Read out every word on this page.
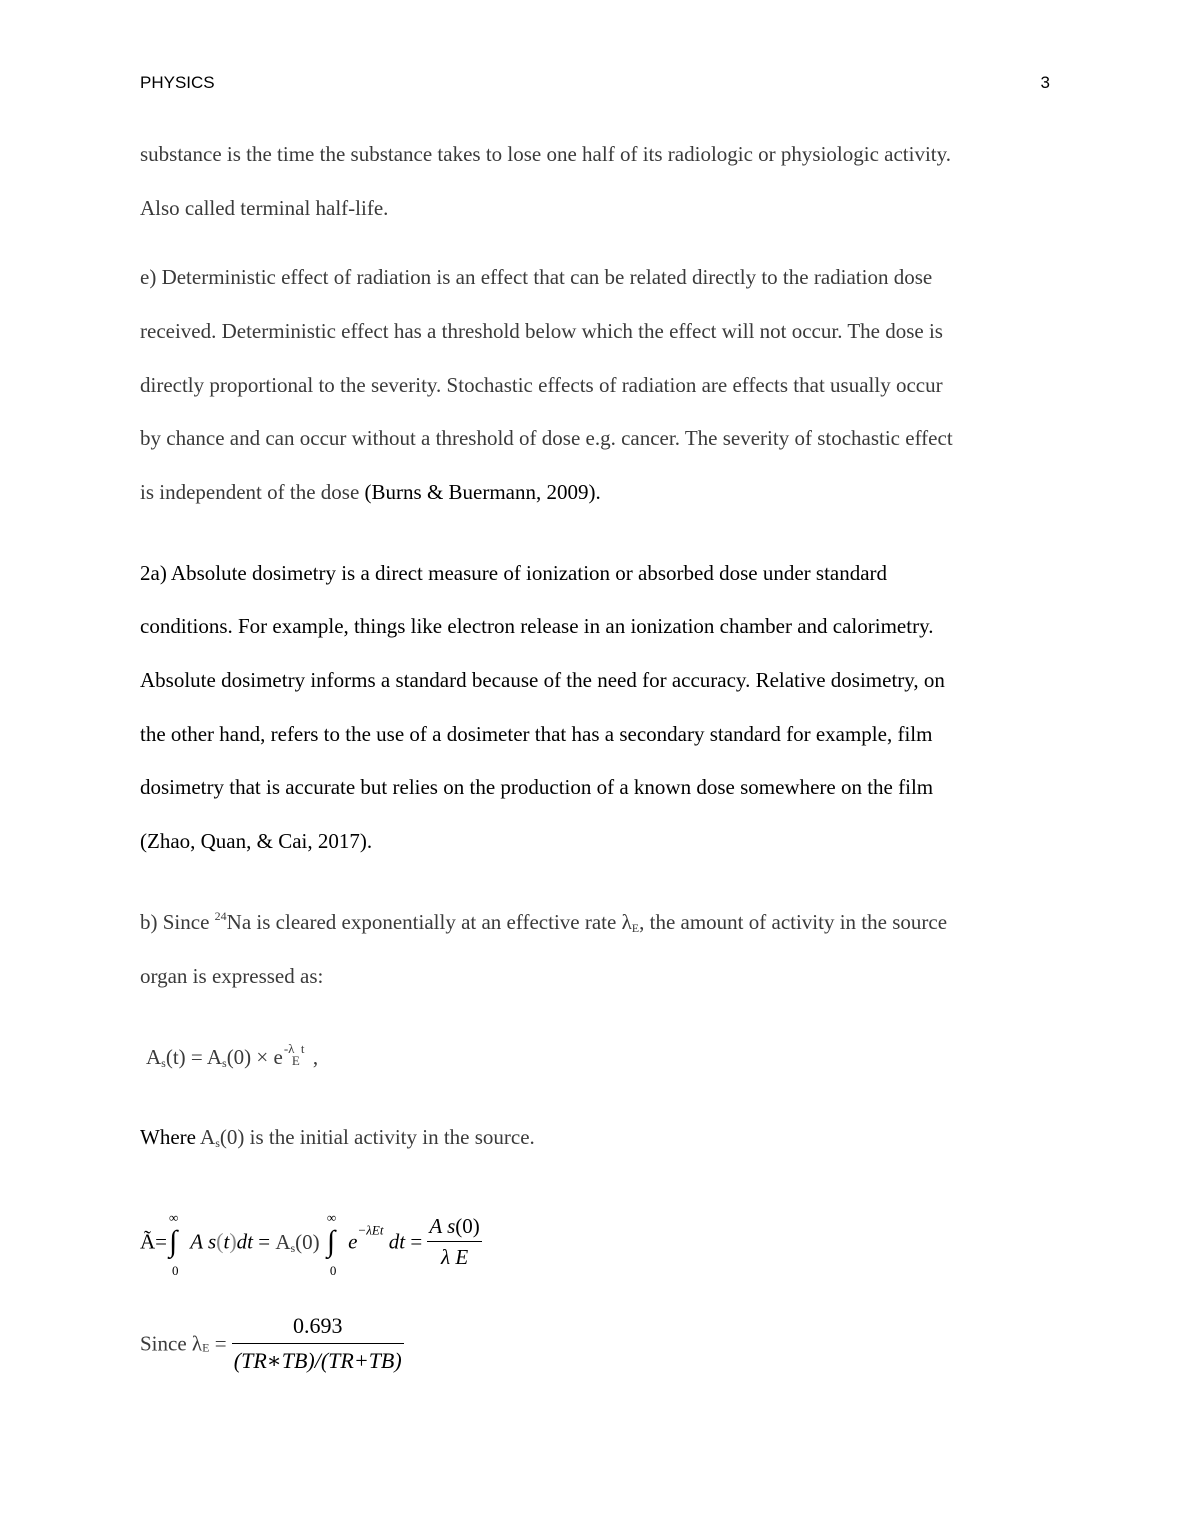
PHYSICS	3
substance is the time the substance takes to lose one half of its radiologic or physiologic activity.
Also called terminal half-life.
e) Deterministic effect of radiation is an effect that can be related directly to the radiation dose
received. Deterministic effect has a threshold below which the effect will not occur. The dose is
directly proportional to the severity. Stochastic effects of radiation are effects that usually occur
by chance and can occur without a threshold of dose e.g. cancer. The severity of stochastic effect
is independent of the dose (Burns & Buermann, 2009).
2a) Absolute dosimetry is a direct measure of ionization or absorbed dose under standard
conditions. For example, things like electron release in an ionization chamber and calorimetry.
Absolute dosimetry informs a standard because of the need for accuracy. Relative dosimetry, on
the other hand, refers to the use of a dosimeter that has a secondary standard for example, film
dosimetry that is accurate but relies on the production of a known dose somewhere on the film
(Zhao, Quan, & Cai, 2017).
b) Since $^{24}$Na is cleared exponentially at an effective rate $\lambda_E$, the amount of activity in the source
organ is expressed as:
$A_s(t) = A_s(0) \times e$ -λ
E
t ,
Where $A_s(0)$ is the initial activity in the source.
Ã=
∞
∫
0
A $s(t)dt = A_s(0)$
∞
∫
0
$e^{-\lambda Et}$ dt = $\frac{\text{A s(0)}}{\text{λ E}}$
Since $\lambda_E = \frac{0.693}{(TR∗TB)/(TR+TB)}$
